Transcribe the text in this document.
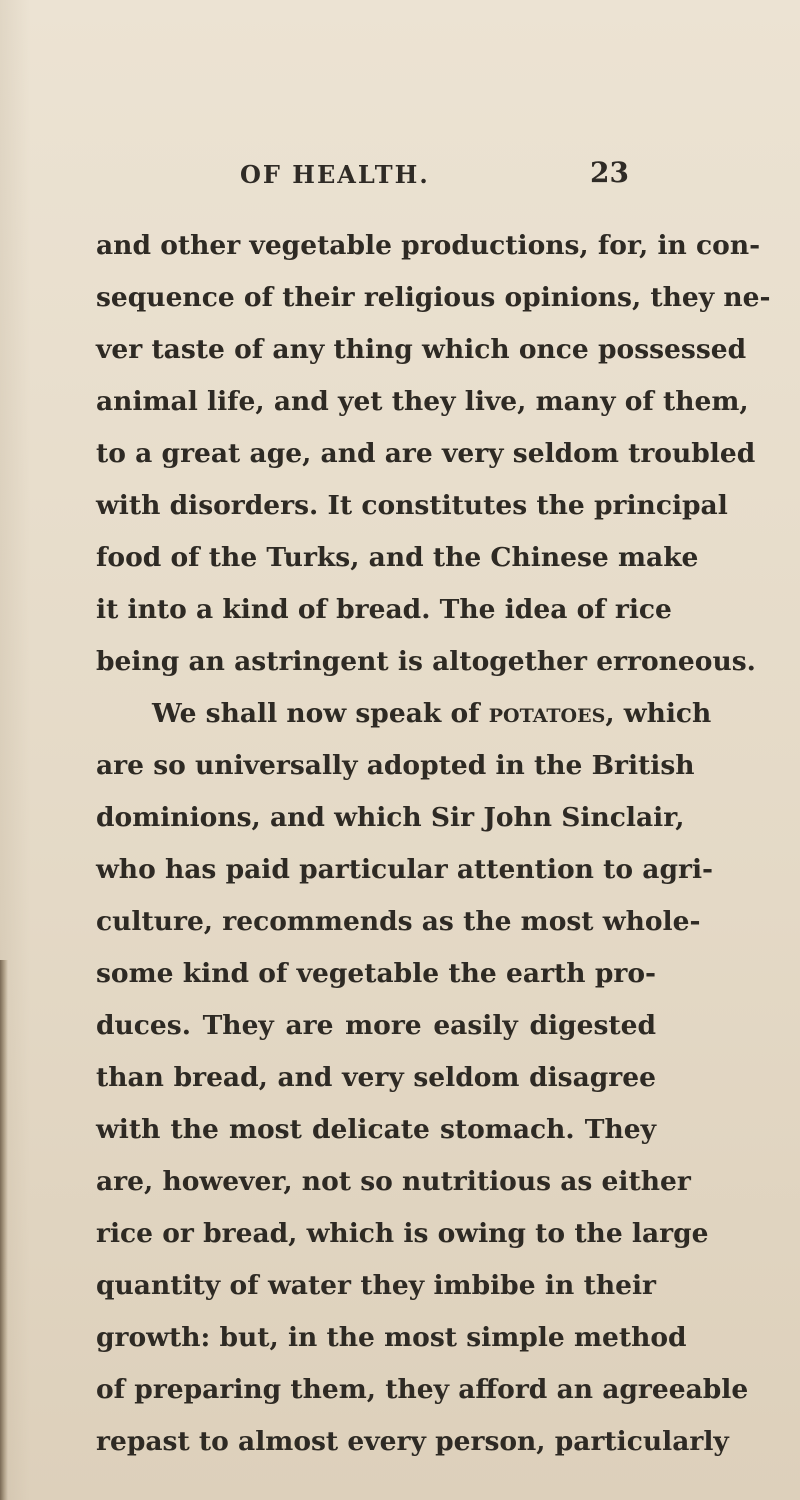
OF HEALTH.	23
and other vegetable productions, for, in con-
sequence of their religious opinions, they ne-
ver taste of any thing which once possessed
animal life, and yet they live, many of them,
to a great age, and are very seldom troubled
with disorders. It constitutes the principal
food of the Turks, and the Chinese make
it into a kind of bread. The idea of rice
being an astringent is altogether erroneous.
We shall now speak of potatoes, which
are so universally adopted in the British
dominions, and which Sir John Sinclair,
who has paid particular attention to agri-
culture, recommends as the most whole-
some kind of vegetable the earth pro-
duces. They are more easily digested
than bread, and very seldom disagree
with the most delicate stomach. They
are, however, not so nutritious as either
rice or bread, which is owing to the large
quantity of water they imbibe in their
growth: but, in the most simple method
of preparing them, they afford an agreeable
repast to almost every person, particularly
